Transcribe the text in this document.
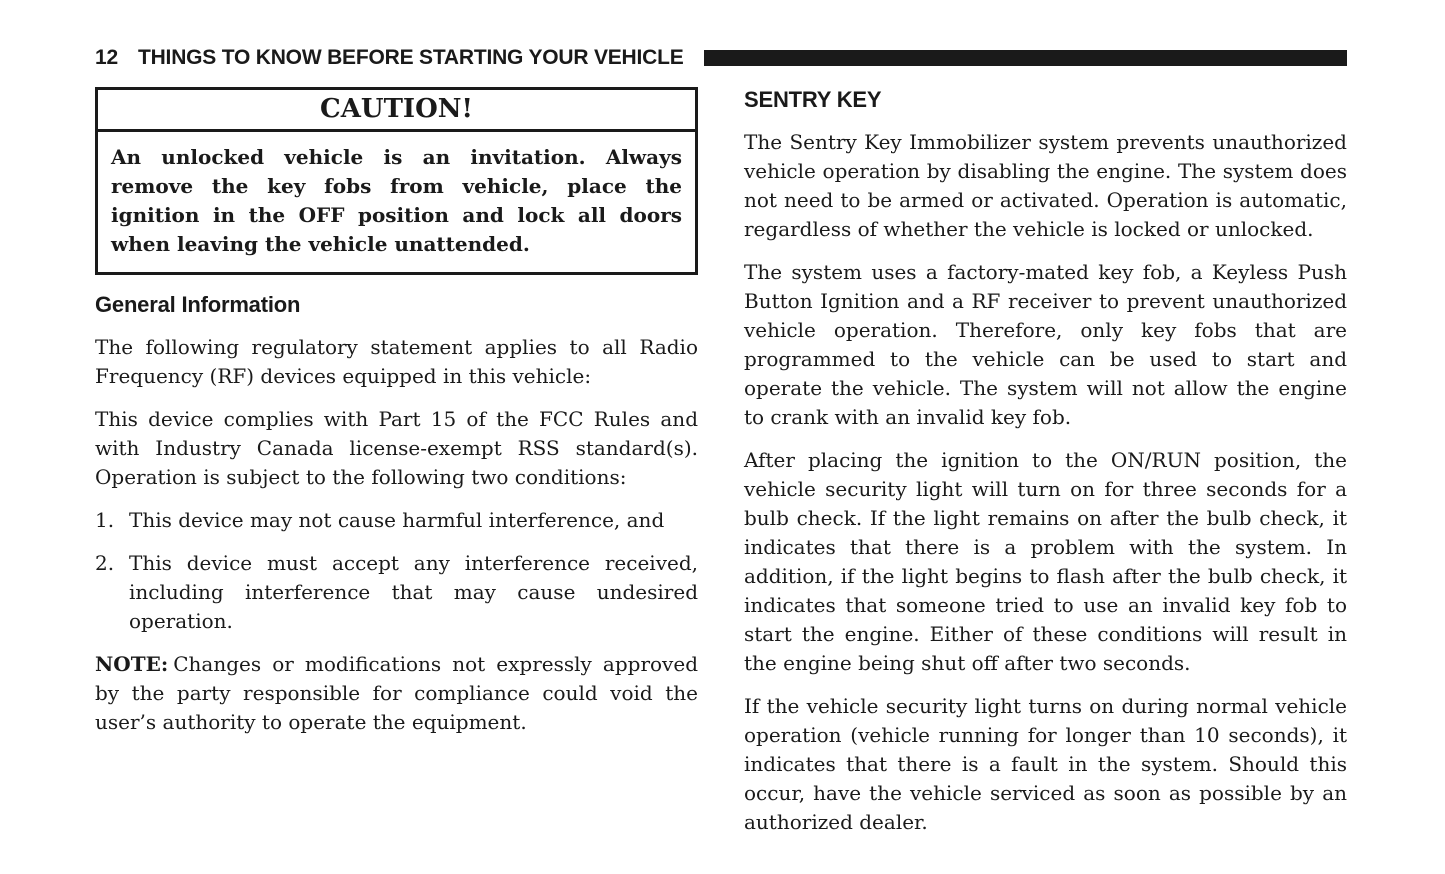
12 THINGS TO KNOW BEFORE STARTING YOUR VEHICLE
CAUTION!
An unlocked vehicle is an invitation. Always remove the key fobs from vehicle, place the ignition in the OFF position and lock all doors when leaving the vehicle unattended.
General Information

The following regulatory statement applies to all Radio Frequency (RF) devices equipped in this vehicle:

This device complies with Part 15 of the FCC Rules and with Industry Canada license-exempt RSS standard(s). Operation is subject to the following two conditions:

1. This device may not cause harmful interference, and
2. This device must accept any interference received, including interference that may cause undesired operation.

NOTE: Changes or modifications not expressly approved by the party responsible for compliance could void the user’s authority to operate the equipment.

SENTRY KEY

The Sentry Key Immobilizer system prevents unauthorized vehicle operation by disabling the engine. The system does not need to be armed or activated. Operation is automatic, regardless of whether the vehicle is locked or unlocked.

The system uses a factory-mated key fob, a Keyless Push Button Ignition and a RF receiver to prevent unauthorized vehicle operation. Therefore, only key fobs that are programmed to the vehicle can be used to start and operate the vehicle. The system will not allow the engine to crank with an invalid key fob.

After placing the ignition to the ON/RUN position, the vehicle security light will turn on for three seconds for a bulb check. If the light remains on after the bulb check, it indicates that there is a problem with the system. In addition, if the light begins to flash after the bulb check, it indicates that someone tried to use an invalid key fob to start the engine. Either of these conditions will result in the engine being shut off after two seconds.

If the vehicle security light turns on during normal vehicle operation (vehicle running for longer than 10 seconds), it indicates that there is a fault in the system. Should this occur, have the vehicle serviced as soon as possible by an authorized dealer.
